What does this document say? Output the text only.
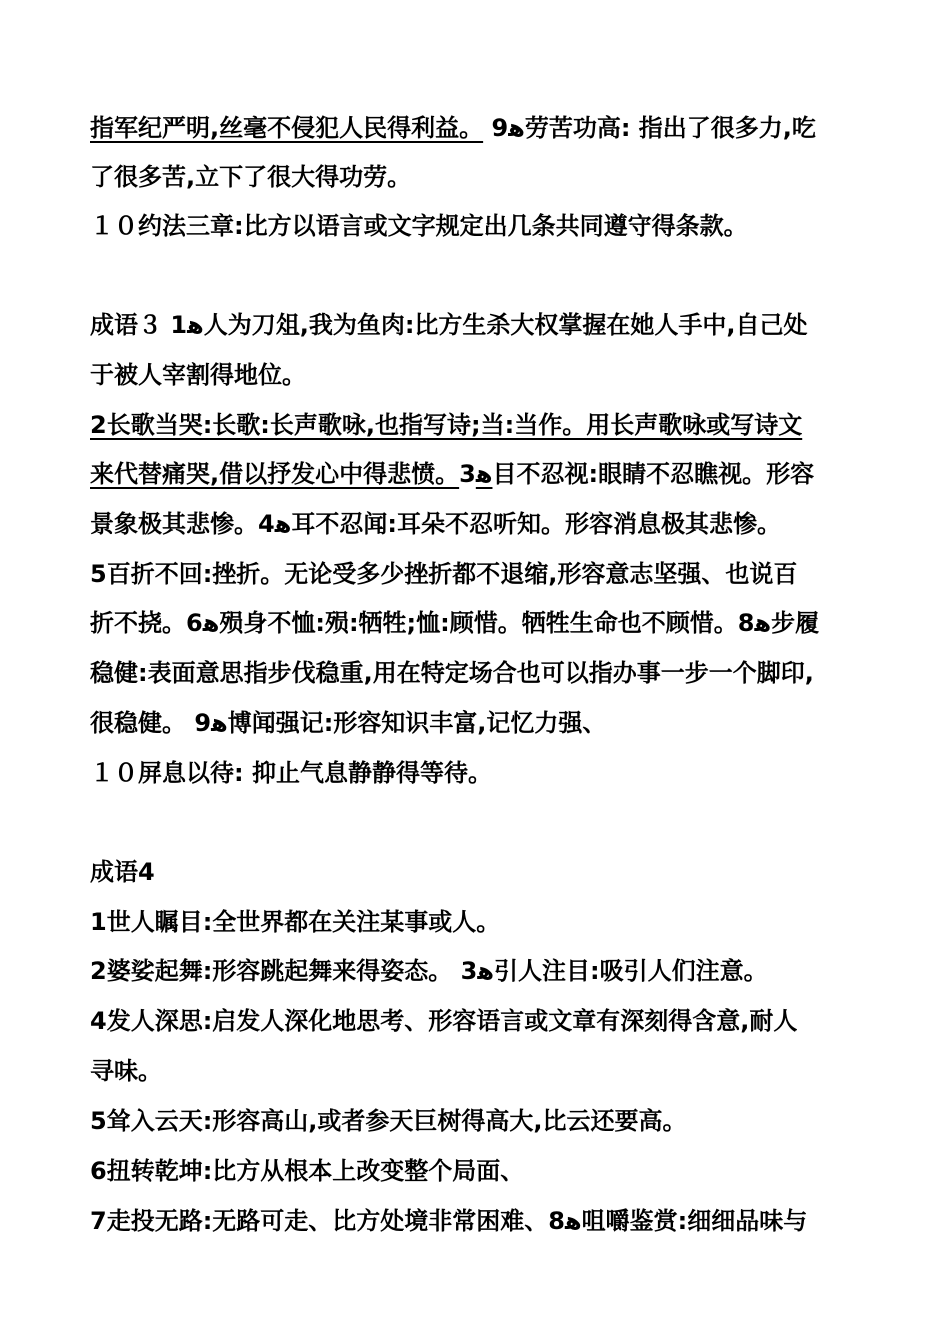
指军纪严明,丝毫不侵犯人民得利益。 9ﻫ劳苦功高: 指出了很多力,吃
了很多苦,立下了很大得功劳。
１０约法三章:比方以语言或文字规定出几条共同遵守得条款。
成语３ 1ﻫ人为刀俎,我为鱼肉:比方生杀大权掌握在她人手中,自己处
于被人宰割得地位。
2长歌当哭:长歌:长声歌咏,也指写诗;当:当作。用长声歌咏或写诗文
来代替痛哭,借以抒发心中得悲愤。3ﻫ目不忍视:眼睛不忍瞧视。形容
景象极其悲惨。4ﻫ耳不忍闻:耳朵不忍听知。形容消息极其悲惨。
5百折不回:挫折。无论受多少挫折都不退缩,形容意志坚强、也说百
折不挠。6ﻫ殒身不恤:殒:牺牲;恤:顾惜。牺牲生命也不顾惜。8ﻫ步履
稳健:表面意思指步伐稳重,用在特定场合也可以指办事一步一个脚印,
很稳健。 9ﻫ博闻强记:形容知识丰富,记忆力强、
１０屏息以待: 抑止气息静静得等待。
成语4
1世人瞩目:全世界都在关注某事或人。
2婆娑起舞:形容跳起舞来得姿态。 3ﻫ引人注目:吸引人们注意。
4发人深思:启发人深化地思考、形容语言或文章有深刻得含意,耐人
寻味。
5耸入云天:形容高山,或者参天巨树得高大,比云还要高。
6扭转乾坤:比方从根本上改变整个局面、
7走投无路:无路可走、比方处境非常困难、8ﻫ咀嚼鉴赏:细细品味与
